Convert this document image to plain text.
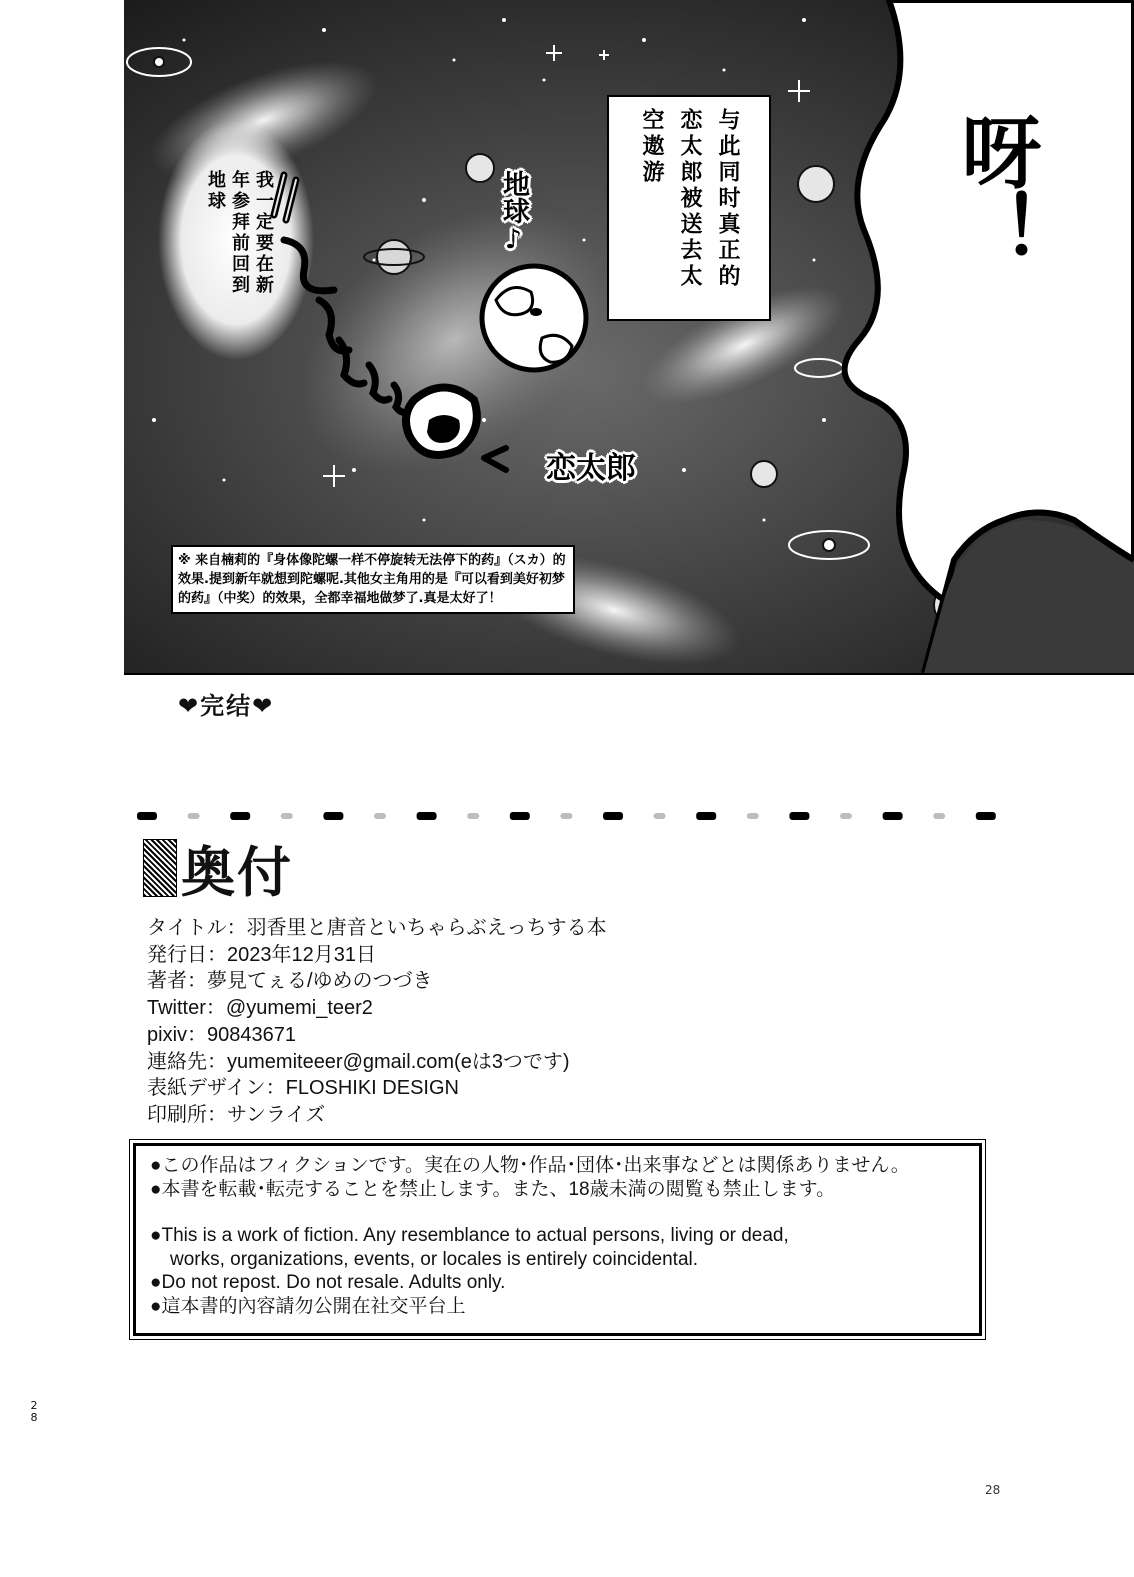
与此同时真正的恋太郎被送去太空遨游
我一定要在新年参拜前回到地球	地球♪
恋太郎
呀！
※ 来自楠莉的『身体像陀螺一样不停旋转无法停下的药』（スカ）的效果.提到新年就想到陀螺呢.其他女主角用的是『可以看到美好初梦的药』（中奖）的效果，全都幸福地做梦了.真是太好了！
❤完结❤
奥付
タイトル：羽香里と唐音といちゃらぶえっちする本
発行日：2023年12月31日
著者：夢見てぇる/ゆめのつづき
Twitter：@yumemi_teer2
pixiv：90843671
連絡先：yumemiteeer@gmail.com(eは3つです)
表紙デザイン：FLOSHIKI DESIGN
印刷所：サンライズ
●この作品はフィクションです。実在の人物･作品･団体･出来事などとは関係ありません。
●本書を転載･転売することを禁止します。また、18歳未満の閲覧も禁止します。
●This is a work of fiction. Any resemblance to actual persons, living or dead,
works, organizations, events, or locales is entirely coincidental.
●Do not repost. Do not resale. Adults only.
●這本書的內容請勿公開在社交平台上
2
8
28
